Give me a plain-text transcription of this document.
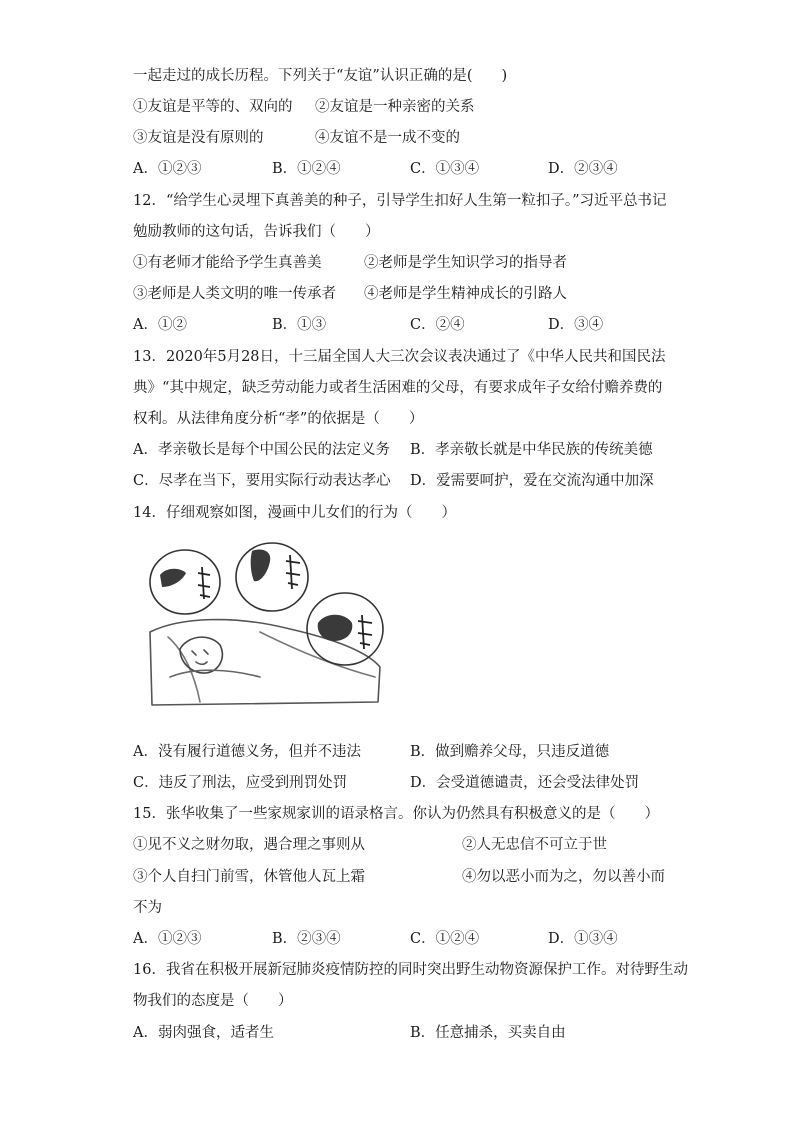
一起走过的成长历程。下列关于“友谊”认识正确的是(　　)
①友谊是平等的、双向的 ②友谊是一种亲密的关系
③友谊是没有原则的	④友谊不是一成不变的
A．①②③	B．①②④	C．①③④	D．②③④
12．“给学生心灵埋下真善美的种子，引导学生扣好人生第一粒扣子。”习近平总书记
勉励教师的这句话，告诉我们（　　）
①有老师才能给予学生真善美	②老师是学生知识学习的指导者
③老师是人类文明的唯一传承者 ④老师是学生精神成长的引路人
A．①②	B．①③	C．②④	D．③④
13．2020年5月28日，十三届全国人大三次会议表决通过了《中华人民共和国民法
典》“其中规定，缺乏劳动能力或者生活困难的父母，有要求成年子女给付赡养费的
权利。从法律角度分析“孝”的依据是（　　）
A．孝亲敬长是每个中国公民的法定义务 B．孝亲敬长就是中华民族的传统美德
C．尽孝在当下，要用实际行动表达孝心 D．爱需要呵护，爱在交流沟通中加深
14．仔细观察如图，漫画中儿女们的行为（　　）
A．没有履行道德义务，但并不违法	B．做到赡养父母，只违反道德
C．违反了刑法，应受到刑罚处罚	D．会受道德谴责，还会受法律处罚
15．张华收集了一些家规家训的语录格言。你认为仍然具有积极意义的是（　　）
①见不义之财勿取，遇合理之事则从	②人无忠信不可立于世
③个人自扫门前雪，休管他人瓦上霜	④勿以恶小而为之，勿以善小而
不为
A．①②③	B．②③④	C．①②④	D．①③④
16．我省在积极开展新冠肺炎疫情防控的同时突出野生动物资源保护工作。对待野生动
物我们的态度是（　　）
A．弱肉强食，适者生	B．任意捕杀，买卖自由
